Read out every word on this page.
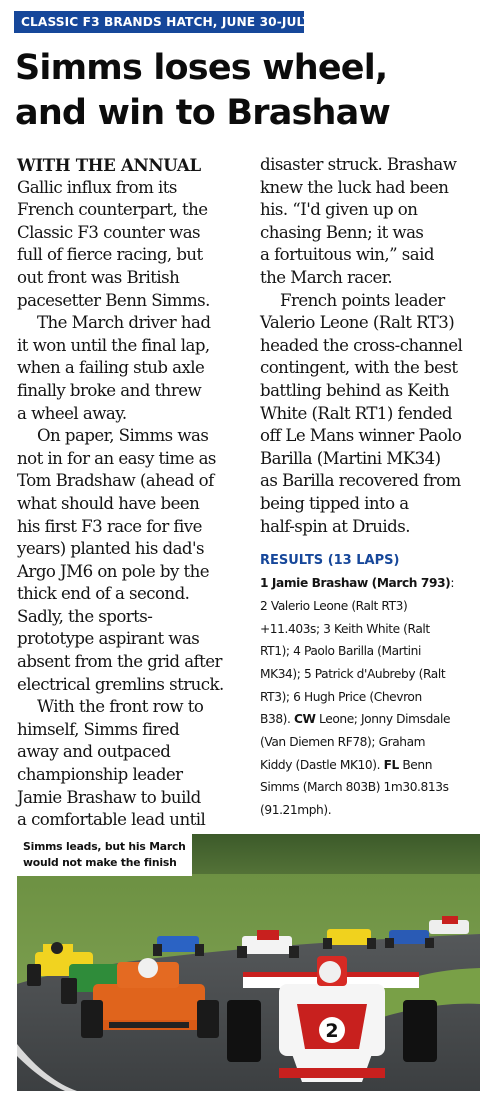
CLASSIC F3 BRANDS HATCH, JUNE 30-JULY 1
Simms loses wheel,
and win to Brashaw

WITH THE ANNUAL

Gallic influx from its

French counterpart, the

Classic F3 counter was

full of fierce racing, but

out front was British

pacesetter Benn Simms.

The March driver had

it won until the final lap,

when a failing stub axle

finally broke and threw

a wheel away.

On paper, Simms was

not in for an easy time as

Tom Bradshaw (ahead of

what should have been

his first F3 race for five

years) planted his dad's

Argo JM6 on pole by the

thick end of a second.

Sadly, the sports-

prototype aspirant was

absent from the grid after

electrical gremlins struck.

With the front row to

himself, Simms fired

away and outpaced

championship leader

Jamie Brashaw to build

a comfortable lead until

disaster struck. Brashaw

knew the luck had been

his. “I'd given up on

chasing Benn; it was

a fortuitous win,” said

the March racer.

French points leader

Valerio Leone (Ralt RT3)

headed the cross-channel

contingent, with the best

battling behind as Keith

White (Ralt RT1) fended

off Le Mans winner Paolo

Barilla (Martini MK34)

as Barilla recovered from

being tipped into a

half-spin at Druids.

RESULTS (13 LAPS)

1 Jamie Brashaw (March 793):

2 Valerio Leone (Ralt RT3)

+11.403s; 3 Keith White (Ralt

RT1); 4 Paolo Barilla (Martini

MK34); 5 Patrick d'Aubreby (Ralt

RT3); 6 Hugh Price (Chevron

B38). CW Leone; Jonny Dimsdale

(Van Diemen RF78); Graham

Kiddy (Dastle MK10). FL Benn

Simms (March 803B) 1m30.813s

(91.21mph).

2
Simms leads, but his March
would not make the finish
